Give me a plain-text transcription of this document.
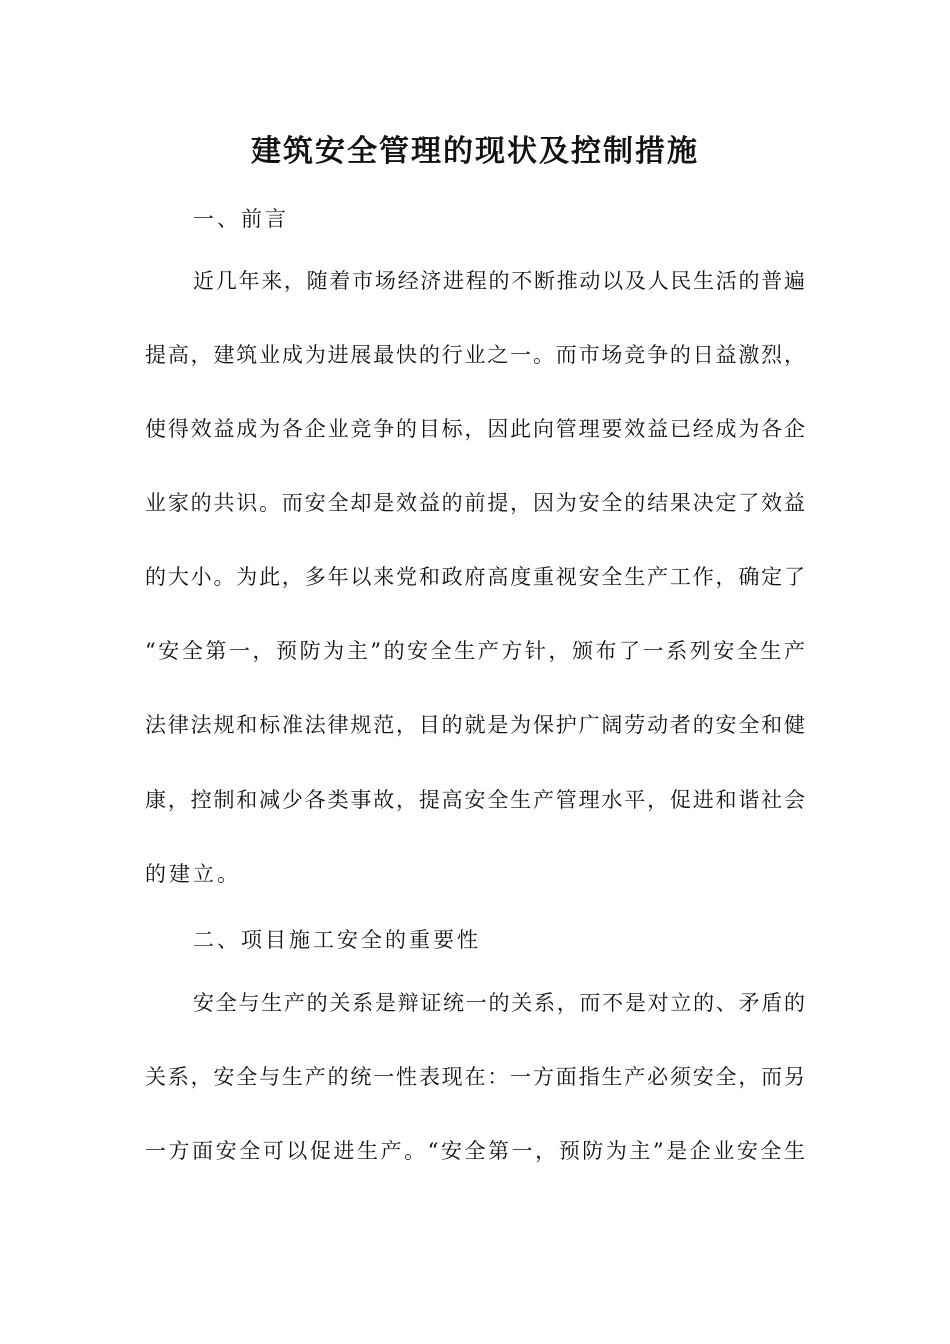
建筑安全管理的现状及控制措施

一、前言

近几年来，随着市场经济进程的不断推动以及人民生活的普遍

提高，建筑业成为进展最快的行业之一。而市场竞争的日益激烈，

使得效益成为各企业竞争的目标，因此向管理要效益已经成为各企

业家的共识。而安全却是效益的前提，因为安全的结果决定了效益

的大小。为此，多年以来党和政府高度重视安全生产工作，确定了

“安全第一，预防为主”的安全生产方针，颁布了一系列安全生产

法律法规和标准法律规范，目的就是为保护广阔劳动者的安全和健

康，控制和减少各类事故，提高安全生产管理水平，促进和谐社会

的建立。

二、项目施工安全的重要性

安全与生产的关系是辩证统一的关系，而不是对立的、矛盾的

关系，安全与生产的统一性表现在：一方面指生产必须安全，而另

一方面安全可以促进生产。“安全第一，预防为主”是企业安全生
